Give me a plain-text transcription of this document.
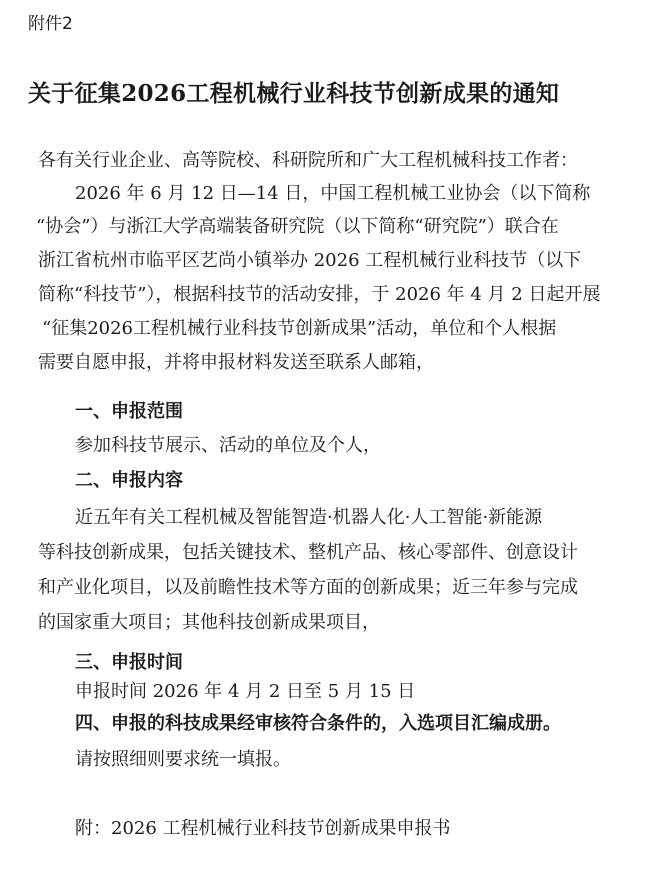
附件2
关于征集2026工程机械行业科技节创新成果的通知
各有关行业企业、高等院校、科研院所和广大工程机械科技工作者：
2026 年 6 月 12 日—14 日，中国工程机械工业协会（以下简称
“协会”）与浙江大学高端装备研究院（以下简称“研究院”）联合在
浙江省杭州市临平区艺尚小镇举办 2026 工程机械行业科技节（以下
简称“科技节”），根据科技节的活动安排，于 2026 年 4 月 2 日起开展
“征集2026工程机械行业科技节创新成果”活动，单位和个人根据
需要自愿申报，并将申报材料发送至联系人邮箱，
一、申报范围
参加科技节展示、活动的单位及个人，
二、申报内容
近五年有关工程机械及智能智造·机器人化·人工智能·新能源
等科技创新成果，包括关键技术、整机产品、核心零部件、创意设计
和产业化项目，以及前瞻性技术等方面的创新成果；近三年参与完成
的国家重大项目；其他科技创新成果项目，
三、申报时间
申报时间 2026 年 4 月 2 日至 5 月 15 日
四、申报的科技成果经审核符合条件的，入选项目汇编成册。
请按照细则要求统一填报。
附：2026 工程机械行业科技节创新成果申报书
